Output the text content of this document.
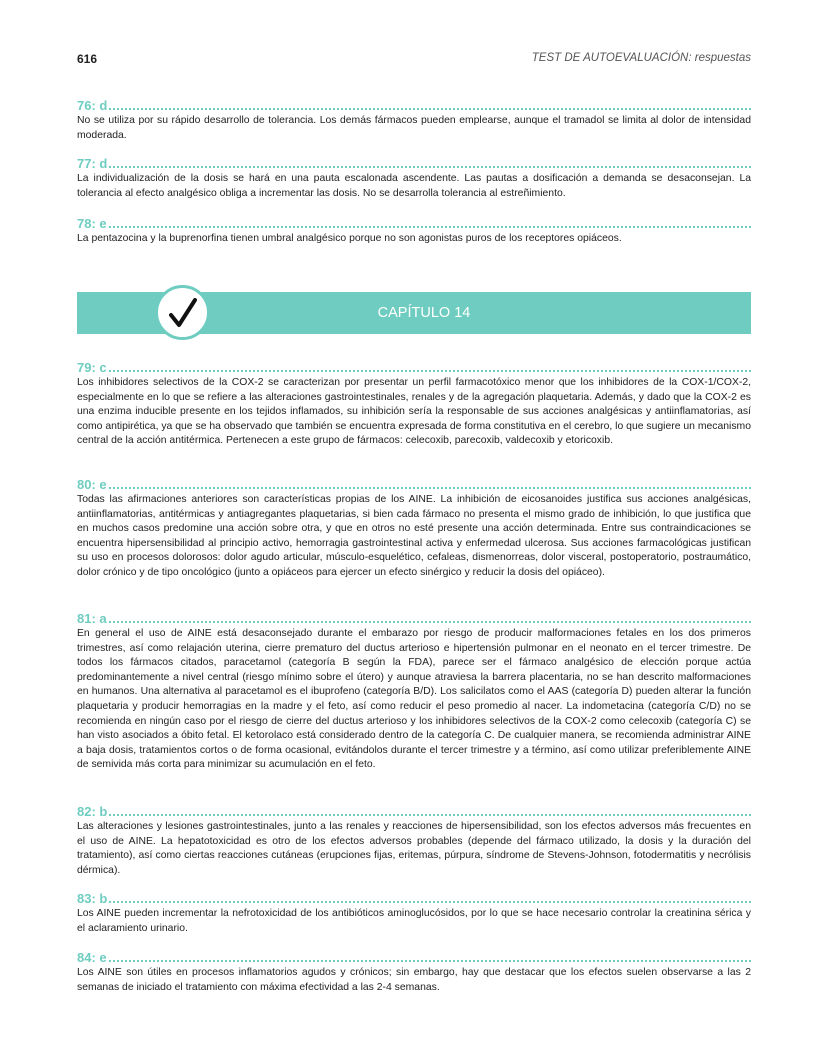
616	TEST DE AUTOEVALUACIÓN: respuestas
76: d

No se utiliza por su rápido desarrollo de tolerancia. Los demás fármacos pueden emplearse, aunque el tramadol se limita al dolor de intensidad moderada.

77: d

La individualización de la dosis se hará en una pauta escalonada ascendente. Las pautas a dosificación a demanda se desaconsejan. La tolerancia al efecto analgésico obliga a incrementar las dosis. No se desarrolla tolerancia al estreñimiento.

78: e

La pentazocina y la buprenorfina tienen umbral analgésico porque no son agonistas puros de los receptores opiáceos.

CAPÍTULO 14
79: c

Los inhibidores selectivos de la COX-2 se caracterizan por presentar un perfil farmacotóxico menor que los inhibidores de la COX-1/COX-2, especialmente en lo que se refiere a las alteraciones gastrointestinales, renales y de la agregación plaquetaria. Además, y dado que la COX-2 es una enzima inducible presente en los tejidos inflamados, su inhibición sería la responsable de sus acciones analgésicas y antiinflamatorias, así como antipirética, ya que se ha observado que también se encuentra expresada de forma constitutiva en el cerebro, lo que sugiere un mecanismo central de la acción antitérmica. Pertenecen a este grupo de fármacos: celecoxib, parecoxib, valdecoxib y etoricoxib.

80: e

Todas las afirmaciones anteriores son características propias de los AINE. La inhibición de eicosanoides justifica sus acciones analgésicas, antiinflamatorias, antitérmicas y antiagregantes plaquetarias, si bien cada fármaco no presenta el mismo grado de inhibición, lo que justifica que en muchos casos predomine una acción sobre otra, y que en otros no esté presente una acción determinada. Entre sus contraindicaciones se encuentra hipersensibilidad al principio activo, hemorragia gastrointestinal activa y enfermedad ulcerosa. Sus acciones farmacológicas justifican su uso en procesos dolorosos: dolor agudo articular, músculo-esquelético, cefaleas, dismenorreas, dolor visceral, postoperatorio, postraumático, dolor crónico y de tipo oncológico (junto a opiáceos para ejercer un efecto sinérgico y reducir la dosis del opiáceo).

81: a

En general el uso de AINE está desaconsejado durante el embarazo por riesgo de producir malformaciones fetales en los dos primeros trimestres, así como relajación uterina, cierre prematuro del ductus arterioso e hipertensión pulmonar en el neonato en el tercer trimestre. De todos los fármacos citados, paracetamol (categoría B según la FDA), parece ser el fármaco analgésico de elección porque actúa predominantemente a nivel central (riesgo mínimo sobre el útero) y aunque atraviesa la barrera placentaria, no se han descrito malformaciones en humanos. Una alternativa al paracetamol es el ibuprofeno (categoría B/D). Los salicilatos como el AAS (categoría D) pueden alterar la función plaquetaria y producir hemorragias en la madre y el feto, así como reducir el peso promedio al nacer. La indometacina (categoría C/D) no se recomienda en ningún caso por el riesgo de cierre del ductus arterioso y los inhibidores selectivos de la COX-2 como celecoxib (categoría C) se han visto asociados a óbito fetal. El ketorolaco está considerado dentro de la categoría C. De cualquier manera, se recomienda administrar AINE a baja dosis, tratamientos cortos o de forma ocasional, evitándolos durante el tercer trimestre y a término, así como utilizar preferiblemente AINE de semivida más corta para minimizar su acumulación en el feto.

82: b

Las alteraciones y lesiones gastrointestinales, junto a las renales y reacciones de hipersensibilidad, son los efectos adversos más frecuentes en el uso de AINE. La hepatotoxicidad es otro de los efectos adversos probables (depende del fármaco utilizado, la dosis y la duración del tratamiento), así como ciertas reacciones cutáneas (erupciones fijas, eritemas, púrpura, síndrome de Stevens-Johnson, fotodermatitis y necrólisis dérmica).

83: b

Los AINE pueden incrementar la nefrotoxicidad de los antibióticos aminoglucósidos, por lo que se hace necesario controlar la creatinina sérica y el aclaramiento urinario.

84: e

Los AINE son útiles en procesos inflamatorios agudos y crónicos; sin embargo, hay que destacar que los efectos suelen observarse a las 2 semanas de iniciado el tratamiento con máxima efectividad a las 2-4 semanas.
